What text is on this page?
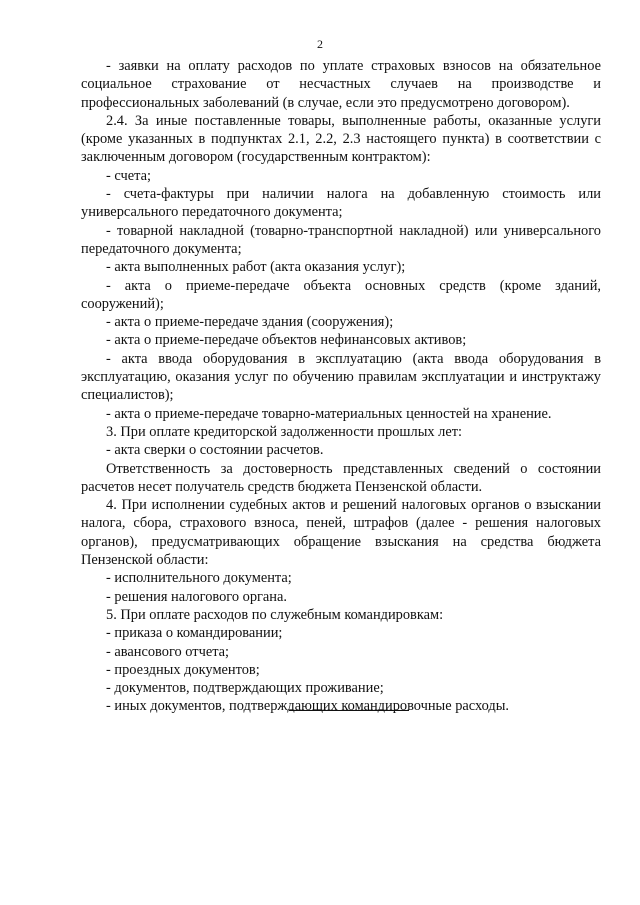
2

- заявки на оплату расходов по уплате страховых взносов на обязательное социальное страхование от несчастных случаев на производстве и профессиональных заболеваний (в случае, если это предусмотрено договором).

2.4. За иные поставленные товары, выполненные работы, оказанные услуги (кроме указанных в подпунктах 2.1, 2.2, 2.3 настоящего пункта) в соответствии с заключенным договором (государственным контрактом):

- счета;

- счета-фактуры при наличии налога на добавленную стоимость или универсального передаточного документа;

- товарной накладной (товарно-транспортной накладной) или универсального передаточного документа;

- акта выполненных работ (акта оказания услуг);

- акта о приеме-передаче объекта основных средств (кроме зданий, сооружений);

- акта о приеме-передаче здания (сооружения);

- акта о приеме-передаче объектов нефинансовых активов;

- акта ввода оборудования в эксплуатацию (акта ввода оборудования в эксплуатацию, оказания услуг по обучению правилам эксплуатации и инструктажу специалистов);

- акта о приеме-передаче товарно-материальных ценностей на хранение.

3. При оплате кредиторской задолженности прошлых лет:

- акта сверки о состоянии расчетов.

Ответственность за достоверность представленных сведений о состоянии расчетов несет получатель средств бюджета Пензенской области.

4. При исполнении судебных актов и решений налоговых органов о взыскании налога, сбора, страхового взноса, пеней, штрафов (далее - решения налоговых органов), предусматривающих обращение взыскания на средства бюджета Пензенской области:

- исполнительного документа;

- решения налогового органа.

5. При оплате расходов по служебным командировкам:

- приказа о командировании;

- авансового отчета;

- проездных документов;

- документов, подтверждающих проживание;

- иных документов, подтверждающих командировочные расходы.
